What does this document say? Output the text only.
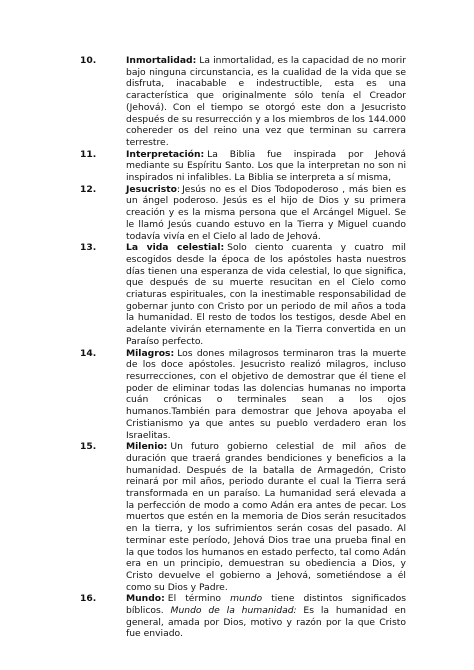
10.	Inmortalidad: La inmortalidad, es la capacidad de no morir bajo ninguna circunstancia, es la cualidad de la vida que se disfruta, inacabable e indestructible, esta es una característica que originalmente sólo tenía el Creador (Jehová). Con el tiempo se otorgó este don a Jesucristo después de su resurrección y a los miembros de los 144.000 cohereder os del reino una vez que terminan su carrera terrestre.
11.	Interpretación: La Biblia fue inspirada por Jehová mediante su Espíritu Santo. Los que la interpretan no son ni inspirados ni infalibles. La Biblia se interpreta a sí misma,
12.	Jesucristo: Jesús no es el Dios Todopoderoso , más bien es un ángel poderoso. Jesús es el hijo de Dios y su primera creación y es la misma persona que el Arcángel Miguel. Se le llamó Jesús cuando estuvo en la Tierra y Miguel cuando todavía vivía en el Cielo al lado de Jehová.
13.	La vida celestial: Solo ciento cuarenta y cuatro mil escogidos desde la época de los apóstoles hasta nuestros días tienen una esperanza de vida celestial, lo que significa, que después de su muerte resucitan en el Cielo como criaturas espirituales, con la inestimable responsabilidad de gobernar junto con Cristo por un periodo de mil años a toda la humanidad. El resto de todos los testigos, desde Abel en adelante vivirán eternamente en la Tierra convertida en un Paraíso perfecto.
14.	Milagros: Los dones milagrosos terminaron tras la muerte de los doce apóstoles. Jesucristo realizó milagros, incluso resurrecciones, con el objetivo de demostrar que él tiene el poder de eliminar todas las dolencias humanas no importa cuán crónicas o terminales sean a los ojos humanos.También para demostrar que Jehova apoyaba el Cristianismo ya que antes su pueblo verdadero eran los Israelitas.
15.	Milenio: Un futuro gobierno celestial de mil años de duración que traerá grandes bendiciones y beneficios a la humanidad. Después de la batalla de Armagedón, Cristo reinará por mil años, periodo durante el cual la Tierra será transformada en un paraíso. La humanidad será elevada a la perfección de modo a como Adán era antes de pecar. Los muertos que estén en la memoria de Dios serán resucitados en la tierra, y los sufrimientos serán cosas del pasado. Al terminar este período, Jehová Dios trae una prueba final en la que todos los humanos en estado perfecto, tal como Adán era en un principio, demuestran su obediencia a Dios, y Cristo devuelve el gobierno a Jehová, sometiéndose a él como su Dios y Padre.
16.	Mundo: El término mundo tiene distintos significados bíblicos. Mundo de la humanidad: Es la humanidad en general, amada por Dios, motivo y razón por la que Cristo fue enviado.
